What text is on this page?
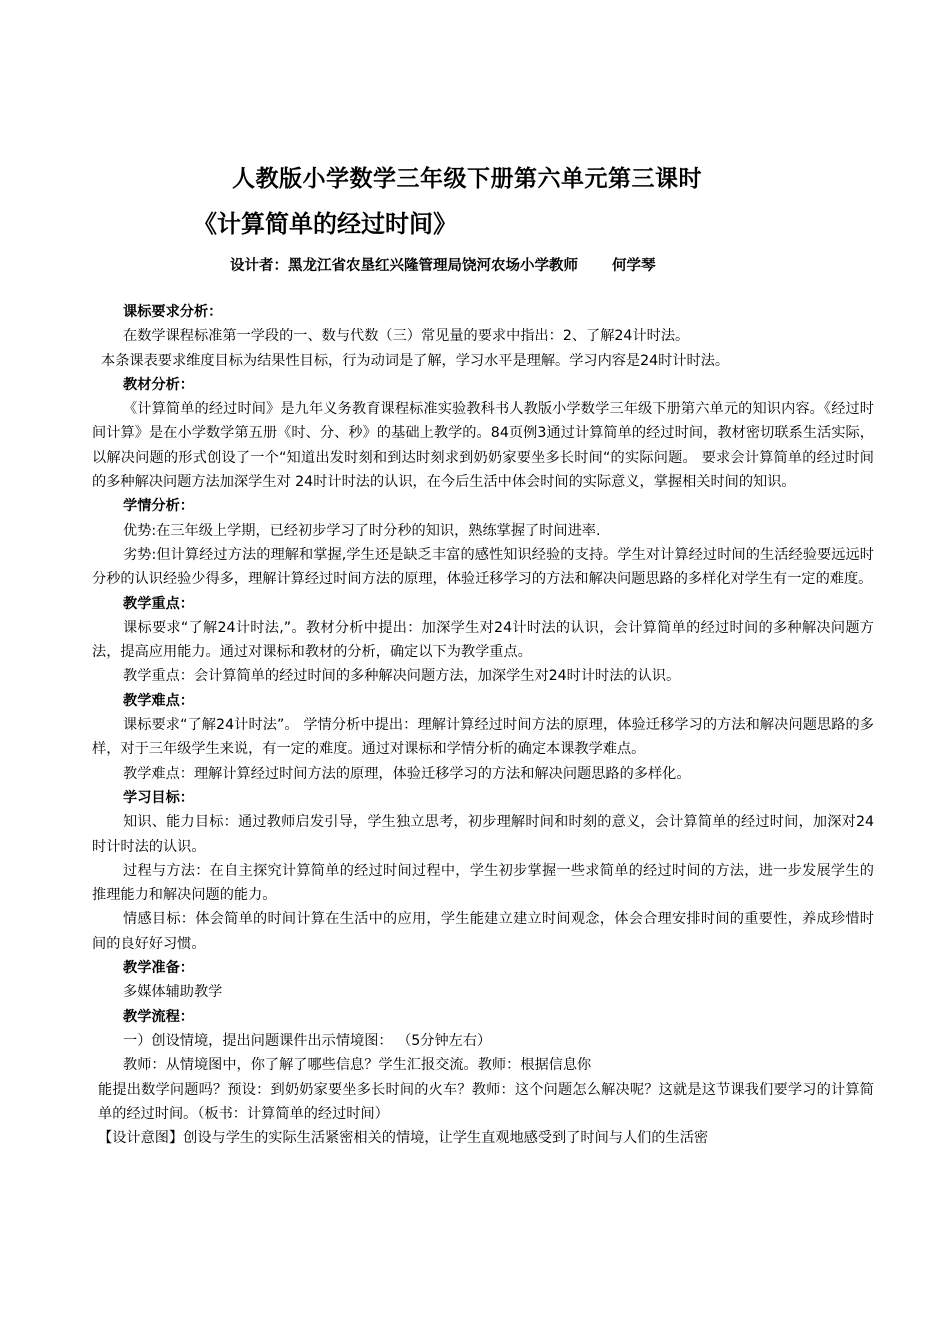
人教版小学数学三年级下册第六单元第三课时
《计算简单的经过时间》
设计者：黑龙江省农垦红兴隆管理局饶河农场小学教师 何学琴

课标要求分析：

在数学课程标准第一学段的一、数与代数（三）常见量的要求中指出：2、了解24计时法。

本条课表要求维度目标为结果性目标，行为动词是了解，学习水平是理解。学习内容是24时计时法。

教材分析：

《计算简单的经过时间》是九年义务教育课程标准实验教科书人教版小学数学三年级下册第六单元的知识内容。《经过时间计算》是在小学数学第五册《时、分、秒》的基础上教学的。84页例3通过计算简单的经过时间，教材密切联系生活实际，以解决问题的形式创设了一个“知道出发时刻和到达时刻求到奶奶家要坐多长时间“的实际问题。 要求会计算简单的经过时间的多种解决问题方法加深学生对 24时计时法的认识，在今后生活中体会时间的实际意义，掌握相关时间的知识。

学情分析：

优势:在三年级上学期，已经初步学习了时分秒的知识，熟练掌握了时间进率.

劣势:但计算经过方法的理解和掌握,学生还是缺乏丰富的感性知识经验的支持。学生对计算经过时间的生活经验要远远时分秒的认识经验少得多，理解计算经过时间方法的原理，体验迁移学习的方法和解决问题思路的多样化对学生有一定的难度。

教学重点：

课标要求“了解24计时法,”。教材分析中提出：加深学生对24计时法的认识，会计算简单的经过时间的多种解决问题方法，提高应用能力。通过对课标和教材的分析，确定以下为教学重点。

教学重点：会计算简单的经过时间的多种解决问题方法，加深学生对24时计时法的认识。

教学难点：

课标要求“了解24计时法”。 学情分析中提出：理解计算经过时间方法的原理，体验迁移学习的方法和解决问题思路的多样，对于三年级学生来说，有一定的难度。通过对课标和学情分析的确定本课教学难点。

教学难点：理解计算经过时间方法的原理，体验迁移学习的方法和解决问题思路的多样化。

学习目标：

知识、能力目标：通过教师启发引导，学生独立思考，初步理解时间和时刻的意义，会计算简单的经过时间，加深对24时计时法的认识。

过程与方法：在自主探究计算简单的经过时间过程中，学生初步掌握一些求简单的经过时间的方法，进一步发展学生的推理能力和解决问题的能力。

情感目标：体会简单的时间计算在生活中的应用，学生能建立建立时间观念，体会合理安排时间的重要性，养成珍惜时间的良好好习惯。

教学准备：

多媒体辅助教学

教学流程：

一）创设情境，提出问题课件出示情境图： （5分钟左右）

教师：从情境图中，你了解了哪些信息？学生汇报交流。教师：根据信息你

能提出数学问题吗？预设：到奶奶家要坐多长时间的火车？教师：这个问题怎么解决呢？这就是这节课我们要学习的计算简单的经过时间。（板书：计算简单的经过时间）

【设计意图】创设与学生的实际生活紧密相关的情境，让学生直观地感受到了时间与人们的生活密
